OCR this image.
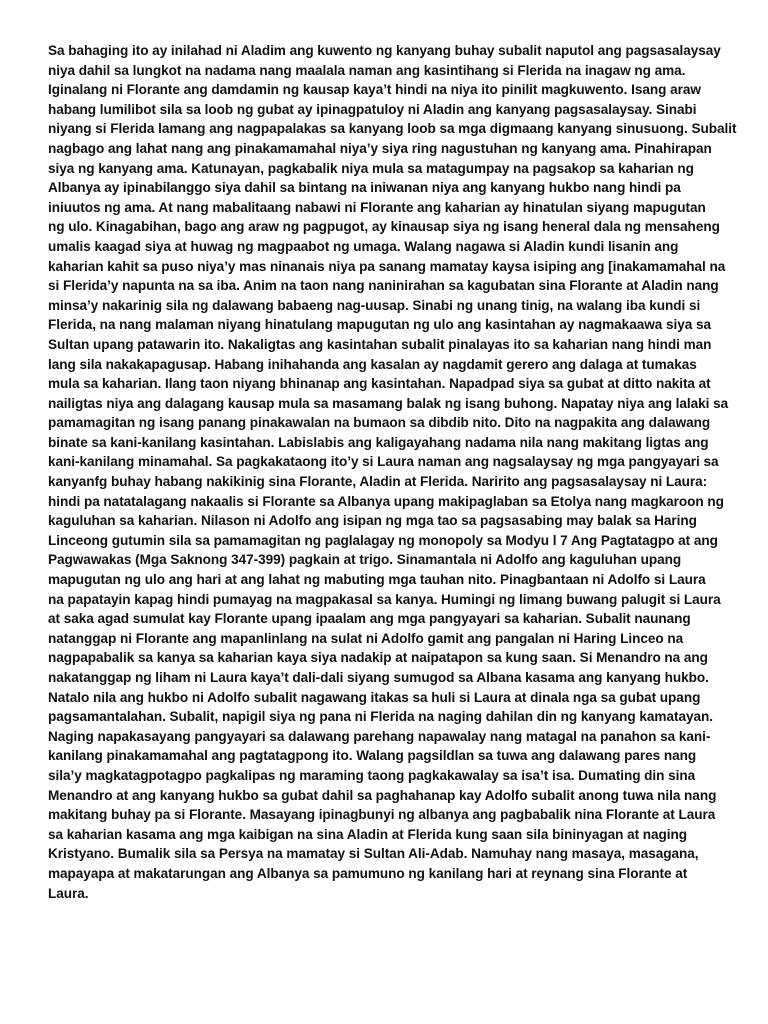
Sa bahaging ito ay inilahad ni Aladim ang kuwento ng kanyang buhay subalit naputol ang pagsasalaysay
niya dahil sa lungkot na nadama nang maalala naman ang kasintihang si Flerida na inagaw ng ama.
Iginalang ni Florante ang damdamin ng kausap kaya’t hindi na niya ito pinilit magkuwento. Isang araw
habang lumilibot sila sa loob ng gubat ay ipinagpatuloy ni Aladin ang kanyang pagsasalaysay. Sinabi
niyang si Flerida lamang ang nagpapalakas sa kanyang loob sa mga digmaang kanyang sinusuong. Subalit
nagbago ang lahat nang ang pinakamamahal niya’y siya ring nagustuhan ng kanyang ama. Pinahirapan
siya ng kanyang ama. Katunayan, pagkabalik niya mula sa matagumpay na pagsakop sa kaharian ng
Albanya ay ipinabilanggo siya dahil sa bintang na iniwanan niya ang kanyang hukbo nang hindi pa
iniuutos ng ama. At nang mabalitaang nabawi ni Florante ang kaharian ay hinatulan siyang mapugutan
ng ulo. Kinagabihan, bago ang araw ng pagpugot, ay kinausap siya ng isang heneral dala ng mensaheng
umalis kaagad siya at huwag ng magpaabot ng umaga. Walang nagawa si Aladin kundi lisanin ang
kaharian kahit sa puso niya’y mas ninanais niya pa sanang mamatay kaysa isiping ang [inakamamahal na
si Flerida’y napunta na sa iba. Anim na taon nang naninirahan sa kagubatan sina Florante at Aladin nang
minsa’y nakarinig sila ng dalawang babaeng nag-uusap. Sinabi ng unang tinig, na walang iba kundi si
Flerida, na nang malaman niyang hinatulang mapugutan ng ulo ang kasintahan ay nagmakaawa siya sa
Sultan upang patawarin ito. Nakaligtas ang kasintahan subalit pinalayas ito sa kaharian nang hindi man
lang sila nakakapagusap. Habang inihahanda ang kasalan ay nagdamit gerero ang dalaga at tumakas
mula sa kaharian. Ilang taon niyang bhinanap ang kasintahan. Napadpad siya sa gubat at ditto nakita at
nailigtas niya ang dalagang kausap mula sa masamang balak ng isang buhong. Napatay niya ang lalaki sa
pamamagitan ng isang panang pinakawalan na bumaon sa dibdib nito. Dito na nagpakita ang dalawang
binate sa kani-kanilang kasintahan. Labislabis ang kaligayahang nadama nila nang makitang ligtas ang
kani-kanilang minamahal. Sa pagkakataong ito’y si Laura naman ang nagsalaysay ng mga pangyayari sa
kanyanfg buhay habang nakikinig sina Florante, Aladin at Flerida. Naririto ang pagsasalaysay ni Laura:
hindi pa natatalagang nakaalis si Florante sa Albanya upang makipaglaban sa Etolya nang magkaroon ng
kaguluhan sa kaharian. Nilason ni Adolfo ang isipan ng mga tao sa pagsasabing may balak sa Haring
Linceong gutumin sila sa pamamagitan ng paglalagay ng monopoly sa Modyu l 7 Ang Pagtatagpo at ang
Pagwawakas (Mga Saknong 347-399) pagkain at trigo. Sinamantala ni Adolfo ang kaguluhan upang
mapugutan ng ulo ang hari at ang lahat ng mabuting mga tauhan nito. Pinagbantaan ni Adolfo si Laura
na papatayin kapag hindi pumayag na magpakasal sa kanya. Humingi ng limang buwang palugit si Laura
at saka agad sumulat kay Florante upang ipaalam ang mga pangyayari sa kaharian. Subalit naunang
natanggap ni Florante ang mapanlinlang na sulat ni Adolfo gamit ang pangalan ni Haring Linceo na
nagpapabalik sa kanya sa kaharian kaya siya nadakip at naipatapon sa kung saan. Si Menandro na ang
nakatanggap ng liham ni Laura kaya’t dali-dali siyang sumugod sa Albana kasama ang kanyang hukbo.
Natalo nila ang hukbo ni Adolfo subalit nagawang itakas sa huli si Laura at dinala nga sa gubat upang
pagsamantalahan. Subalit, napigil siya ng pana ni Flerida na naging dahilan din ng kanyang kamatayan.
Naging napakasayang pangyayari sa dalawang parehang napawalay nang matagal na panahon sa kani-
kanilang pinakamamahal ang pagtatagpong ito. Walang pagsildlan sa tuwa ang dalawang pares nang
sila’y magkatagpotagpo pagkalipas ng maraming taong pagkakawalay sa isa’t isa. Dumating din sina
Menandro at ang kanyang hukbo sa gubat dahil sa paghahanap kay Adolfo subalit anong tuwa nila nang
makitang buhay pa si Florante. Masayang ipinagbunyi ng albanya ang pagbabalik nina Florante at Laura
sa kaharian kasama ang mga kaibigan na sina Aladin at Flerida kung saan sila bininyagan at naging
Kristyano. Bumalik sila sa Persya na mamatay si Sultan Ali-Adab. Namuhay nang masaya, masagana,
mapayapa at makatarungan ang Albanya sa pamumuno ng kanilang hari at reynang sina Florante at
Laura.
